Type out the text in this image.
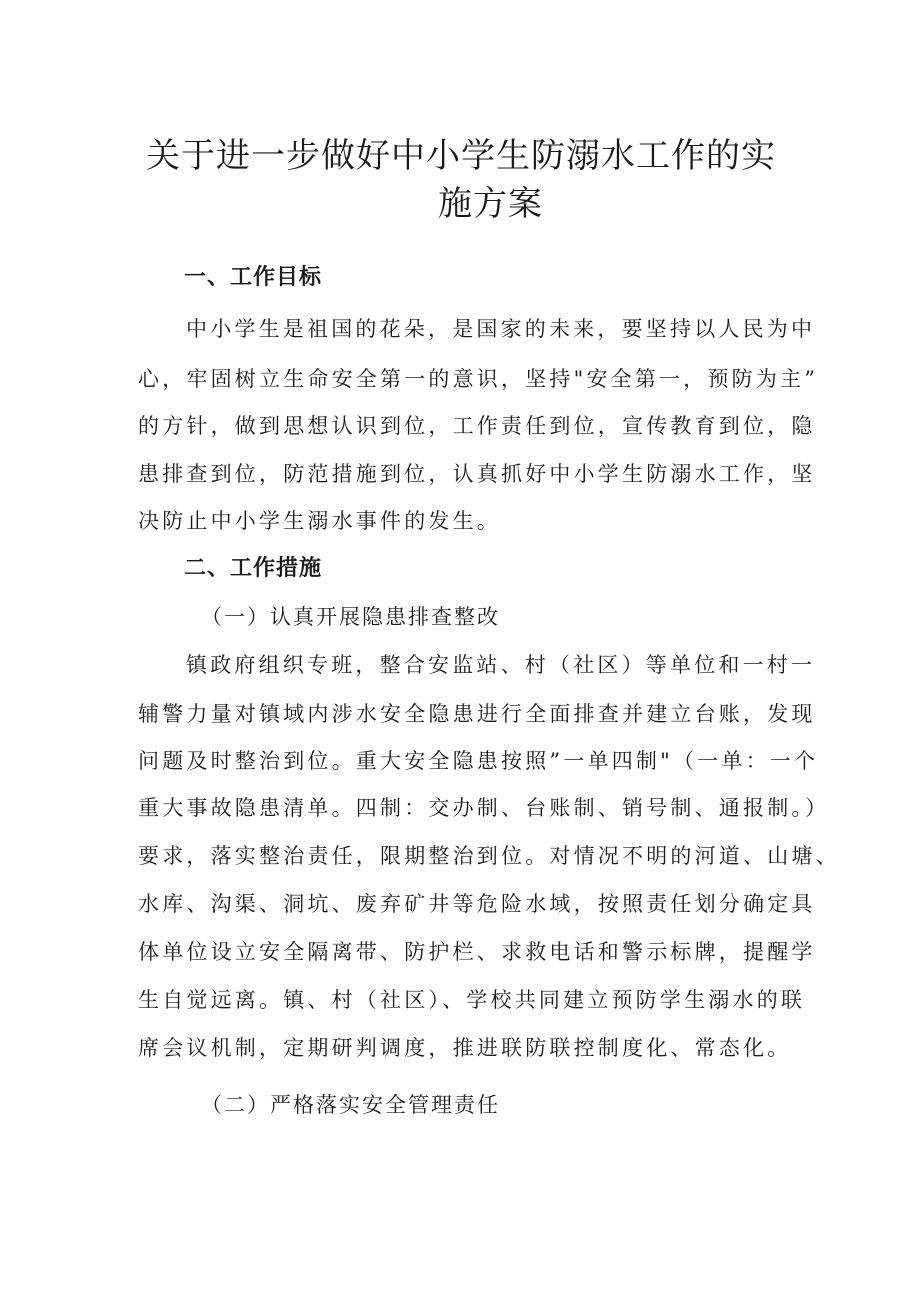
关于进一步做好中小学生防溺水工作的实
施方案
一、工作目标
中小学生是祖国的花朵，是国家的未来，要坚持以人民为中
心，牢固树立生命安全第一的意识，坚持"安全第一，预防为主”
的方针，做到思想认识到位，工作责任到位，宣传教育到位，隐
患排查到位，防范措施到位，认真抓好中小学生防溺水工作，坚
决防止中小学生溺水事件的发生。
二、工作措施
（一）认真开展隐患排查整改
镇政府组织专班，整合安监站、村（社区）等单位和一村一
辅警力量对镇域内涉水安全隐患进行全面排查并建立台账，发现
问题及时整治到位。重大安全隐患按照”一单四制"（一单：一个
重大事故隐患清单。四制：交办制、台账制、销号制、通报制。）
要求，落实整治责任，限期整治到位。对情况不明的河道、山塘、
水库、沟渠、洞坑、废弃矿井等危险水域，按照责任划分确定具
体单位设立安全隔离带、防护栏、求救电话和警示标牌，提醒学
生自觉远离。镇、村（社区）、学校共同建立预防学生溺水的联
席会议机制，定期研判调度，推进联防联控制度化、常态化。
（二）严格落实安全管理责任
